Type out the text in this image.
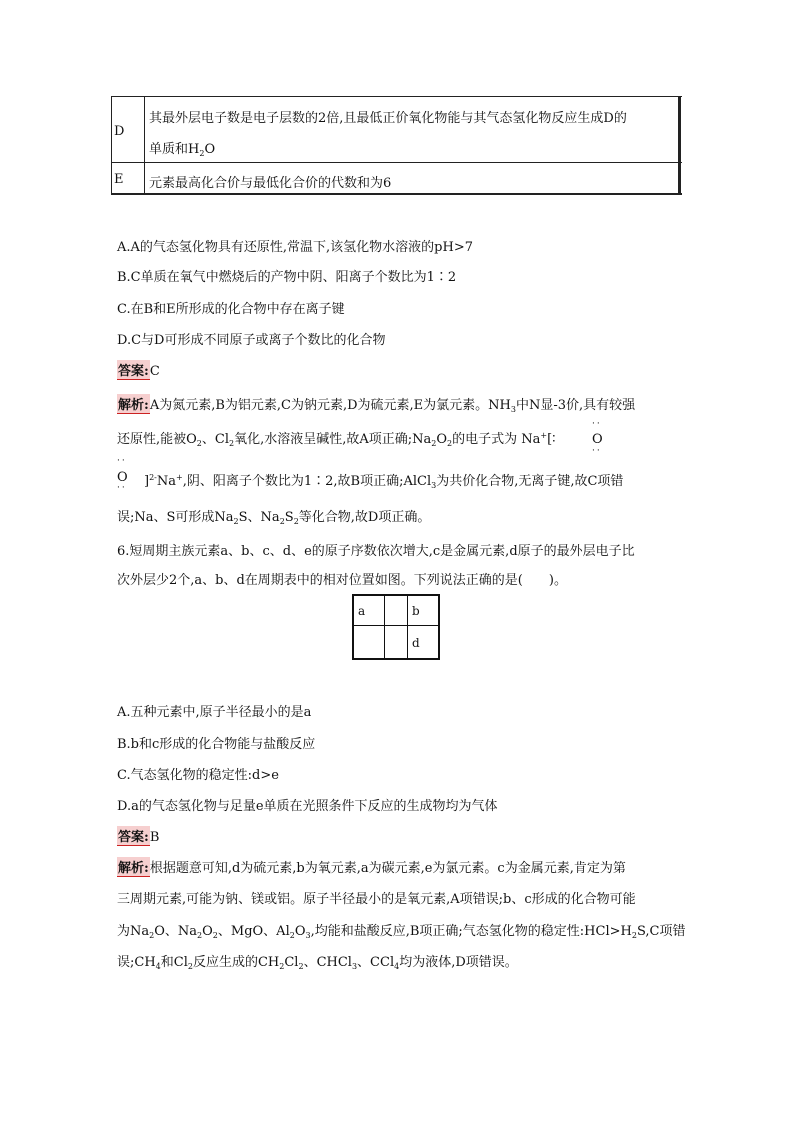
D
其最外层电子数是电子层数的2倍,且最低正价氧化物能与其气态氢化物反应生成D的
单质和$H_2O$
E 元素最高化合价与最低化合价的代数和为6
A.A的气态氢化物具有还原性,常温下,该氢化物水溶液的pH>7
B.C单质在氧气中燃烧后的产物中阴、阳离子个数比为1∶2
C.在B和E所形成的化合物中存在离子键
D.C与D可形成不同原子或离子个数比的化合物
答案:C
解析:A为氮元素,B为铝元素,C为钠元素,D为硫元素,E为氯元素。$NH_3$中N显-3价,具有较强
还原性,能被$O_2$、$Cl_2$氧化,水溶液呈碱性,故A项正确$;Na_2O_2$的电子式为 Na+[∶	O
··
··
··
O
·· ]$^{2-}$Na+,阴、阳离子个数比为1∶2,故B项正确;AlCl$_3$为共价化合物,无离子键,故C项错
误;Na、S可形成$Na_2S$、$Na_2S_2$等化合物,故D项正确。
6.短周期主族元素a、b、c、d、e的原子序数依次增大,c是金属元素,d原子的最外层电子比
次外层少2个,a、b、d在周期表中的相对位置如图。下列说法正确的是(　　)。
a	b
d
A.五种元素中,原子半径最小的是a
B.b和c形成的化合物能与盐酸反应
C.气态氢化物的稳定性:d>e
D.a的气态氢化物与足量e单质在光照条件下反应的生成物均为气体
答案:B
解析:根据题意可知,d为硫元素,b为氧元素,a为碳元素,e为氯元素。c为金属元素,肯定为第
三周期元素,可能为钠、镁或铝。原子半径最小的是氧元素,A项错误;b、c形成的化合物可能
为$Na_2O$、$Na_2O_2$、MgO、$Al_2O_3$,均能和盐酸反应,B项正确;气态氢化物的稳定性$:HCl>H_2S,C$项错
误$;CH_4$和$Cl_2$反应生成的$CH_2Cl_2$、CHCl$_3$、CCl$_4$均为液体,D项错误。
